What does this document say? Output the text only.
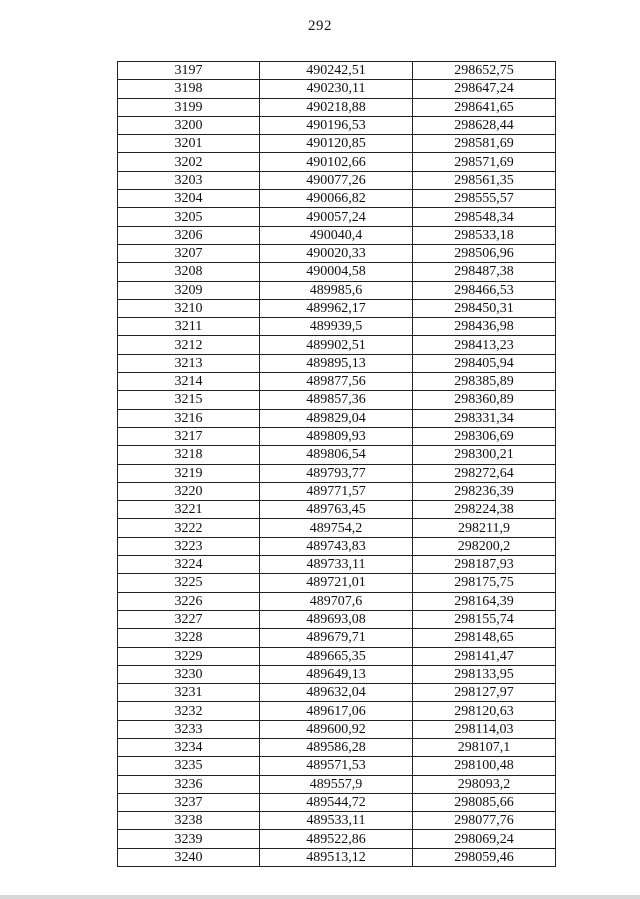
292
3197	490242,51	298652,75
3198	490230,11	298647,24
3199	490218,88	298641,65
3200	490196,53	298628,44
3201	490120,85	298581,69
3202	490102,66	298571,69
3203	490077,26	298561,35
3204	490066,82	298555,57
3205	490057,24	298548,34
3206	490040,4	298533,18
3207	490020,33	298506,96
3208	490004,58	298487,38
3209	489985,6	298466,53
3210	489962,17	298450,31
3211	489939,5	298436,98
3212	489902,51	298413,23
3213	489895,13	298405,94
3214	489877,56	298385,89
3215	489857,36	298360,89
3216	489829,04	298331,34
3217	489809,93	298306,69
3218	489806,54	298300,21
3219	489793,77	298272,64
3220	489771,57	298236,39
3221	489763,45	298224,38
3222	489754,2	298211,9
3223	489743,83	298200,2
3224	489733,11	298187,93
3225	489721,01	298175,75
3226	489707,6	298164,39
3227	489693,08	298155,74
3228	489679,71	298148,65
3229	489665,35	298141,47
3230	489649,13	298133,95
3231	489632,04	298127,97
3232	489617,06	298120,63
3233	489600,92	298114,03
3234	489586,28	298107,1
3235	489571,53	298100,48
3236	489557,9	298093,2
3237	489544,72	298085,66
3238	489533,11	298077,76
3239	489522,86	298069,24
3240	489513,12	298059,46
